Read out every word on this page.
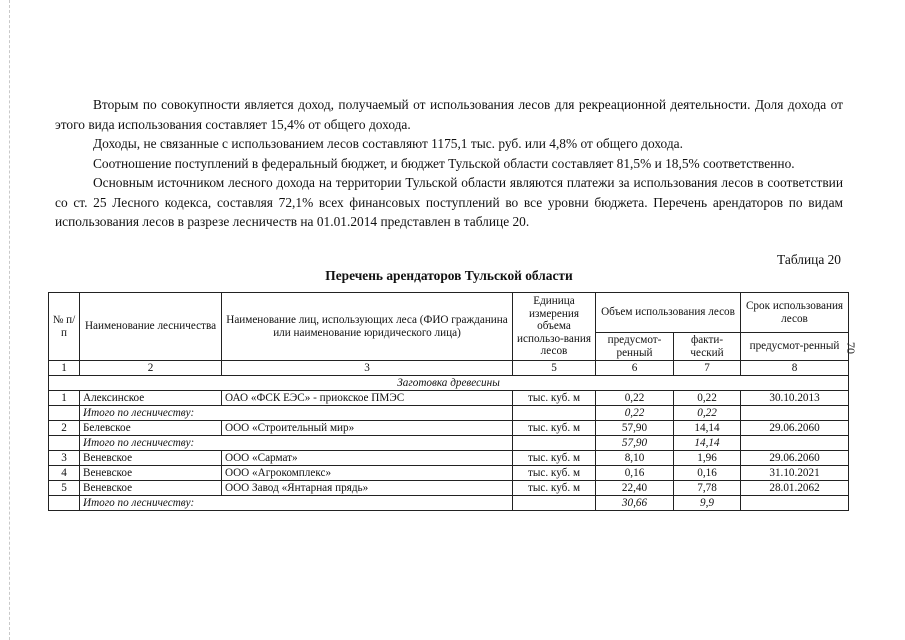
70

Вторым по совокупности является доход, получаемый от использования лесов для рекреационной деятельности. Доля дохода от этого вида использования составляет 15,4% от общего дохода.

Доходы, не связанные с использованием лесов составляют 1175,1 тыс. руб. или 4,8% от общего дохода.

Соотношение поступлений в федеральный бюджет, и бюджет Тульской области составляет 81,5% и 18,5% соответственно.

Основным источником лесного дохода на территории Тульской области являются платежи за использования лесов в соответствии со ст. 25 Лесного кодекса, составляя 72,1% всех финансовых поступлений во все уровни бюджета. Перечень арендаторов по видам использования лесов в разрезе лесничеств на 01.01.2014 представлен в таблице 20.

Таблица 20
Перечень арендаторов Тульской области
№ п/п	Наименование лесничества	Наименование лиц, использующих леса (ФИО гражданина или наименование юридического лица)	Единица измерения объема использо-вания лесов	Объем использования лесов		Срок использования лесов
				предусмот-ренный	факти-ческий	предусмот-ренный
1	2	3	5	6	7	8
Заготовка древесины						
1	Алексинское	ОАО «ФСК ЕЭС» - приокское ПМЭС	тыс. куб. м	0,22	0,22	30.10.2013
	Итого по лесничеству:			0,22	0,22	
2	Белевское	ООО «Строительный мир»	тыс. куб. м	57,90	14,14	29.06.2060
	Итого по лесничеству:			57,90	14,14	
3	Веневское	ООО «Сармат»	тыс. куб. м	8,10	1,96	29.06.2060
4	Веневское	ООО «Агрокомплекс»	тыс. куб. м	0,16	0,16	31.10.2021
5	Веневское	ООО Завод «Янтарная прядь»	тыс. куб. м	22,40	7,78	28.01.2062
	Итого по лесничеству:			30,66	9,9	
